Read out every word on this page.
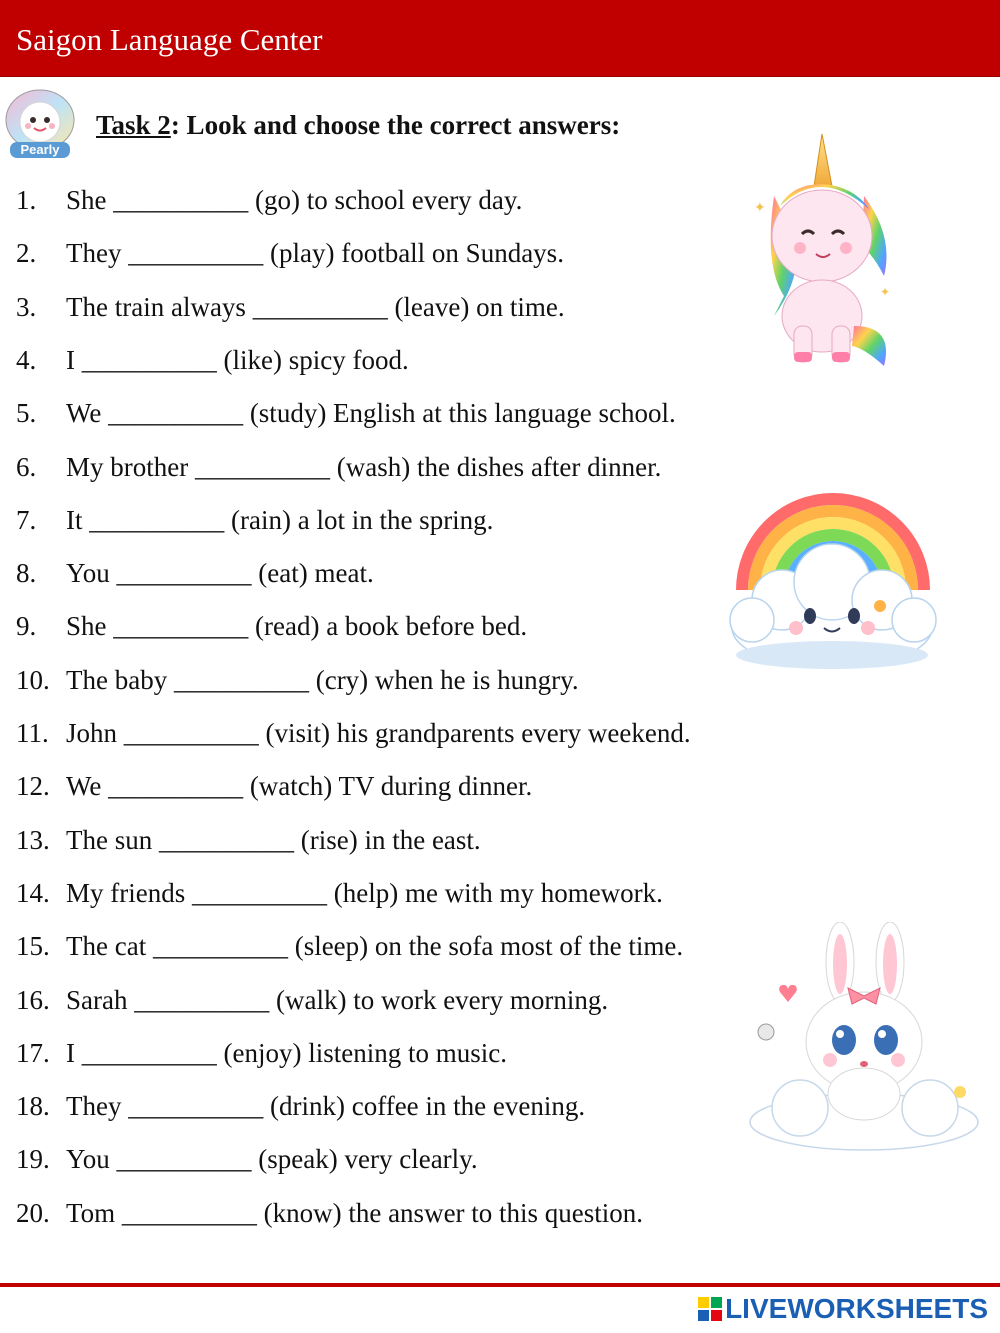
Saigon Language Center
Pearly
Task 2: Look and choose the correct answers:
1. She __________ (go) to school every day.
2. They __________ (play) football on Sundays.
3. The train always __________ (leave) on time.
4. I __________ (like) spicy food.
5. We __________ (study) English at this language school.
6. My brother __________ (wash) the dishes after dinner.
7. It __________ (rain) a lot in the spring.
8. You __________ (eat) meat.
9. She __________ (read) a book before bed.
10. The baby __________ (cry) when he is hungry.
11. John __________ (visit) his grandparents every weekend.
12. We __________ (watch) TV during dinner.
13. The sun __________ (rise) in the east.
14. My friends __________ (help) me with my homework.
15. The cat __________ (sleep) on the sofa most of the time.
16. Sarah __________ (walk) to work every morning.
17. I __________ (enjoy) listening to music.
18. They __________ (drink) coffee in the evening.
19. You __________ (speak) very clearly.
20. Tom __________ (know) the answer to this question.
✦
✦
LIVEWORKSHEETS
